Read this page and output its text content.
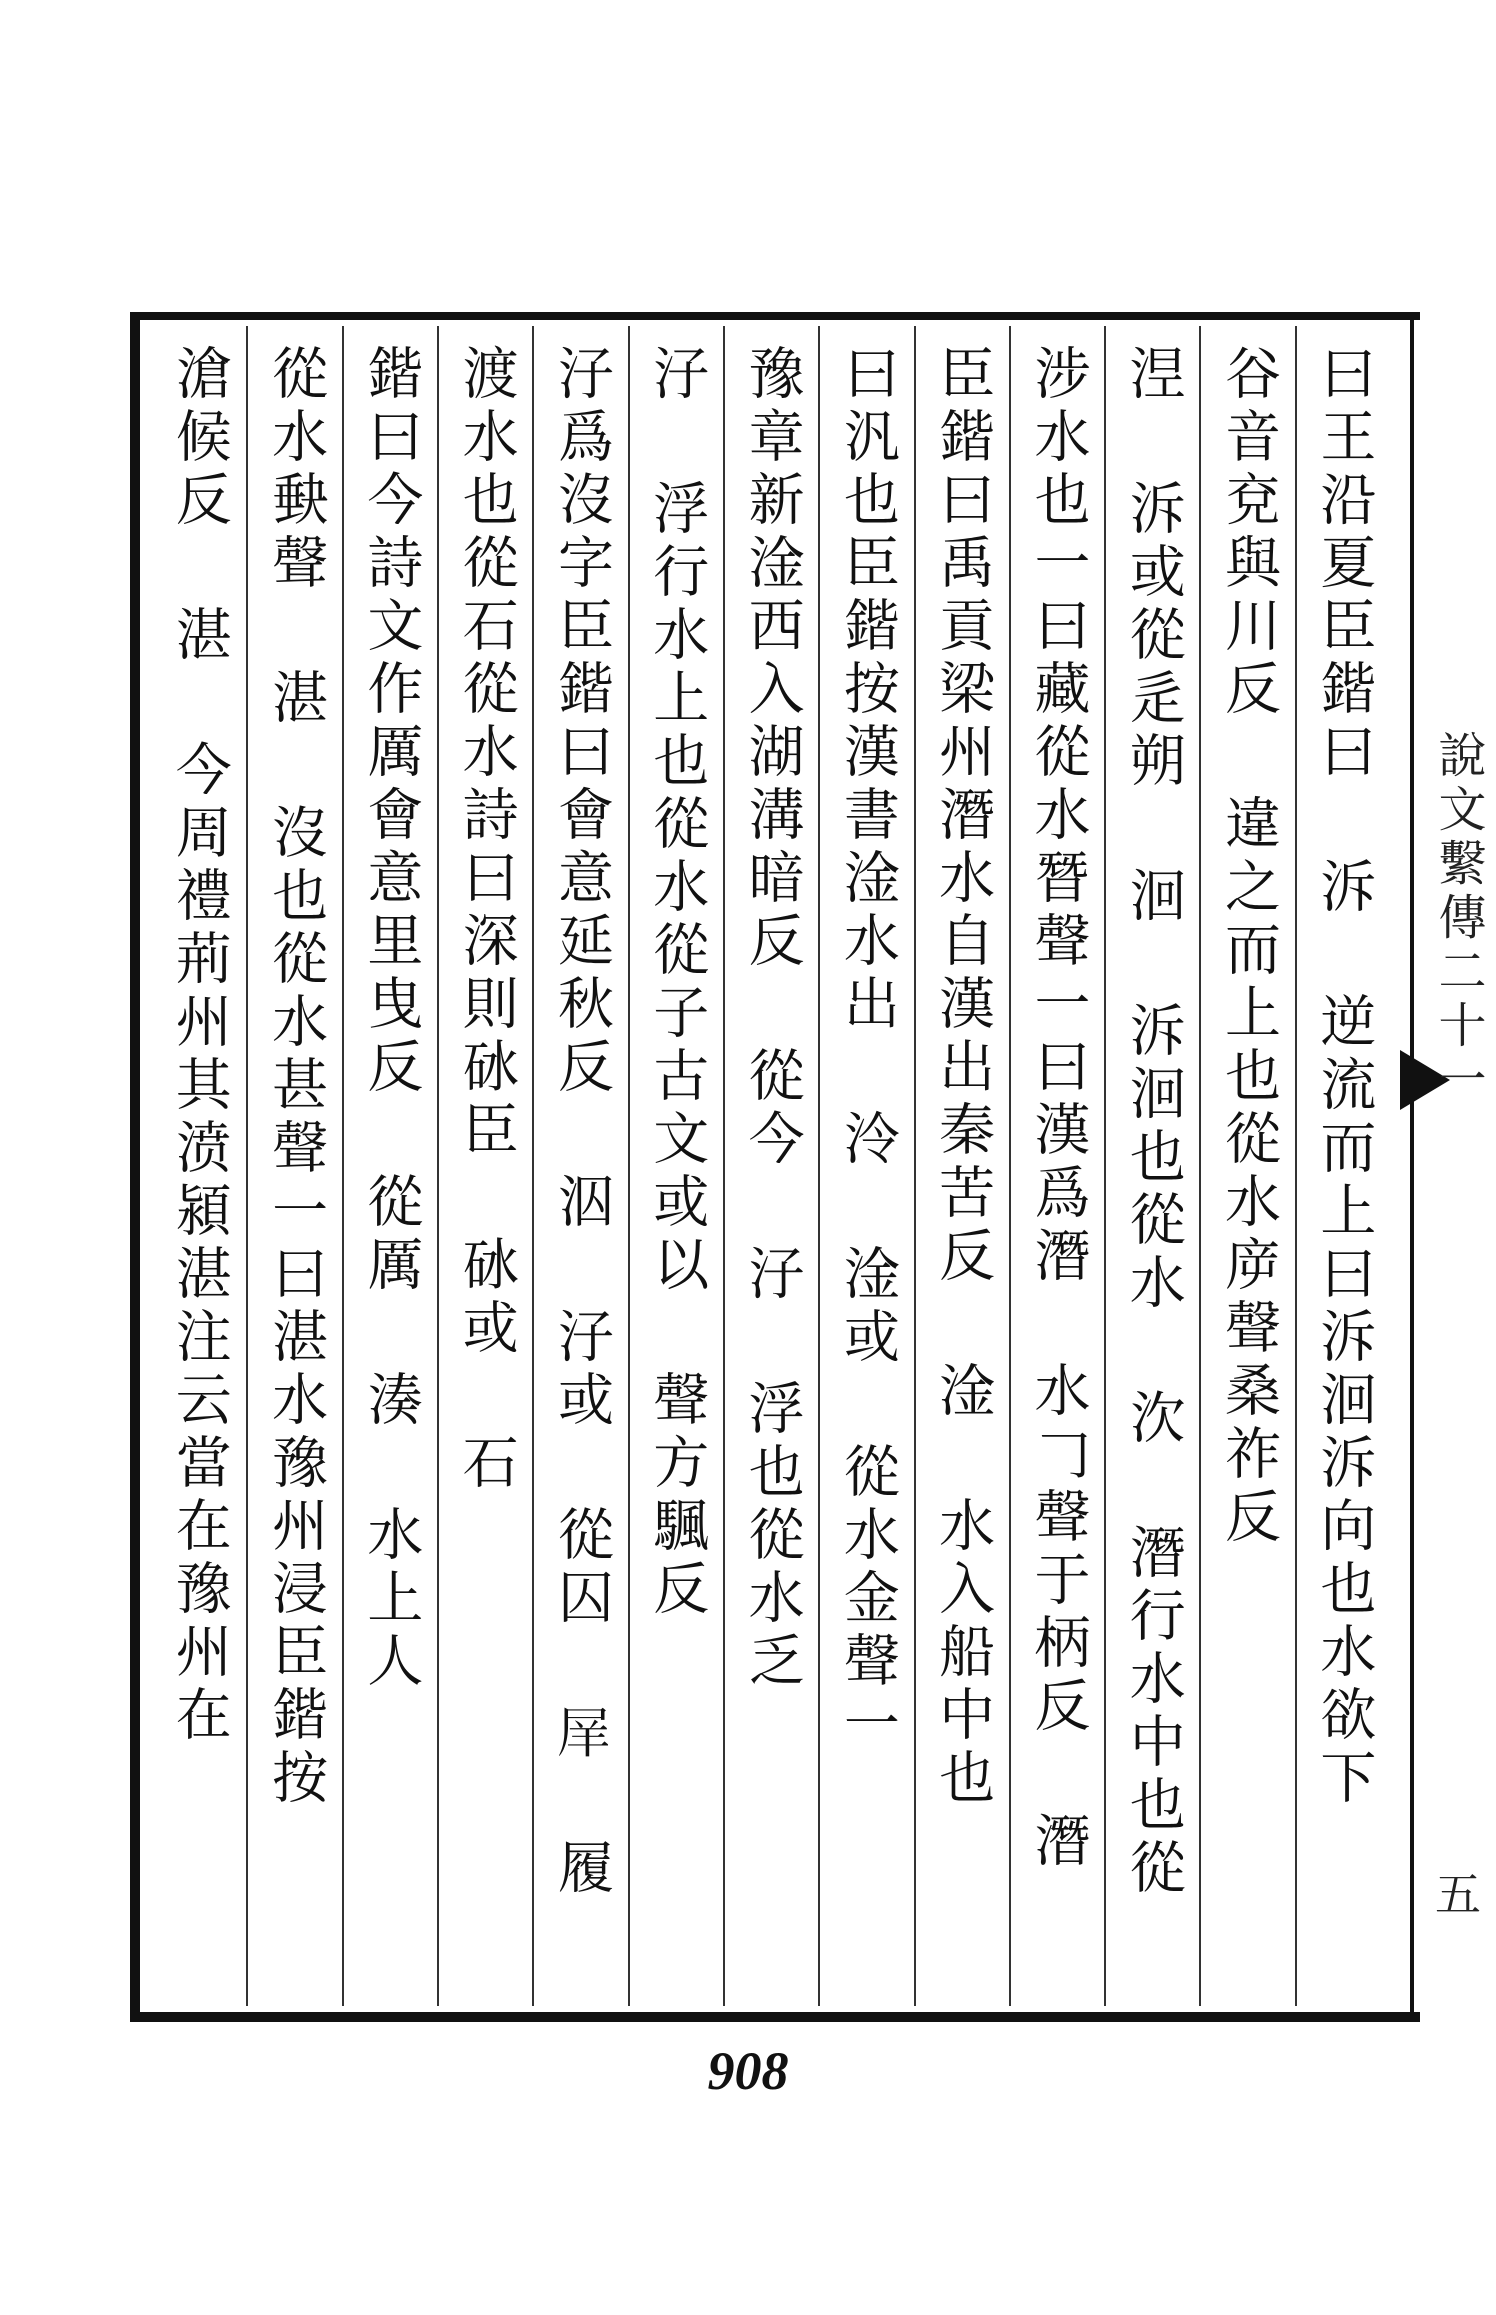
曰王沿夏臣鍇曰 泝 逆流而上曰泝洄泝向也水欲下
谷音兗與川反 違之而上也從水㡿聲桑祚反
𣵀 泝或從辵朔 洄 泝洄也從水 㳄 潛行水中也從
涉水也一曰藏從水朁聲一曰漢爲潛 水𠃌聲于柄反 潛
臣鍇曰禹貢梁州潛水自漢出秦苦反 淦 水入船中也
曰汎也臣鍇按漢書淦水出 泠 淦或 從水金聲一
豫章新淦西入湖溝暗反 從今 汓 浮也從水乏
汓 浮行水上也從水從子古文或以 聲方颿反
汓爲沒字臣鍇曰會意延秋反 泅 汓或 從囚 𡱝 履
渡水也從石從水詩曰深則砅臣 砅或 石
鍇曰今詩文作厲會意里曳反 從厲 湊 水上人
從水𡙇聲 湛 沒也從水甚聲一曰湛水豫州浸臣鍇按
滄候反 湛 今周禮荊州其𣸣潁湛注云當在豫州在	說文繫傳二十一
五
908
